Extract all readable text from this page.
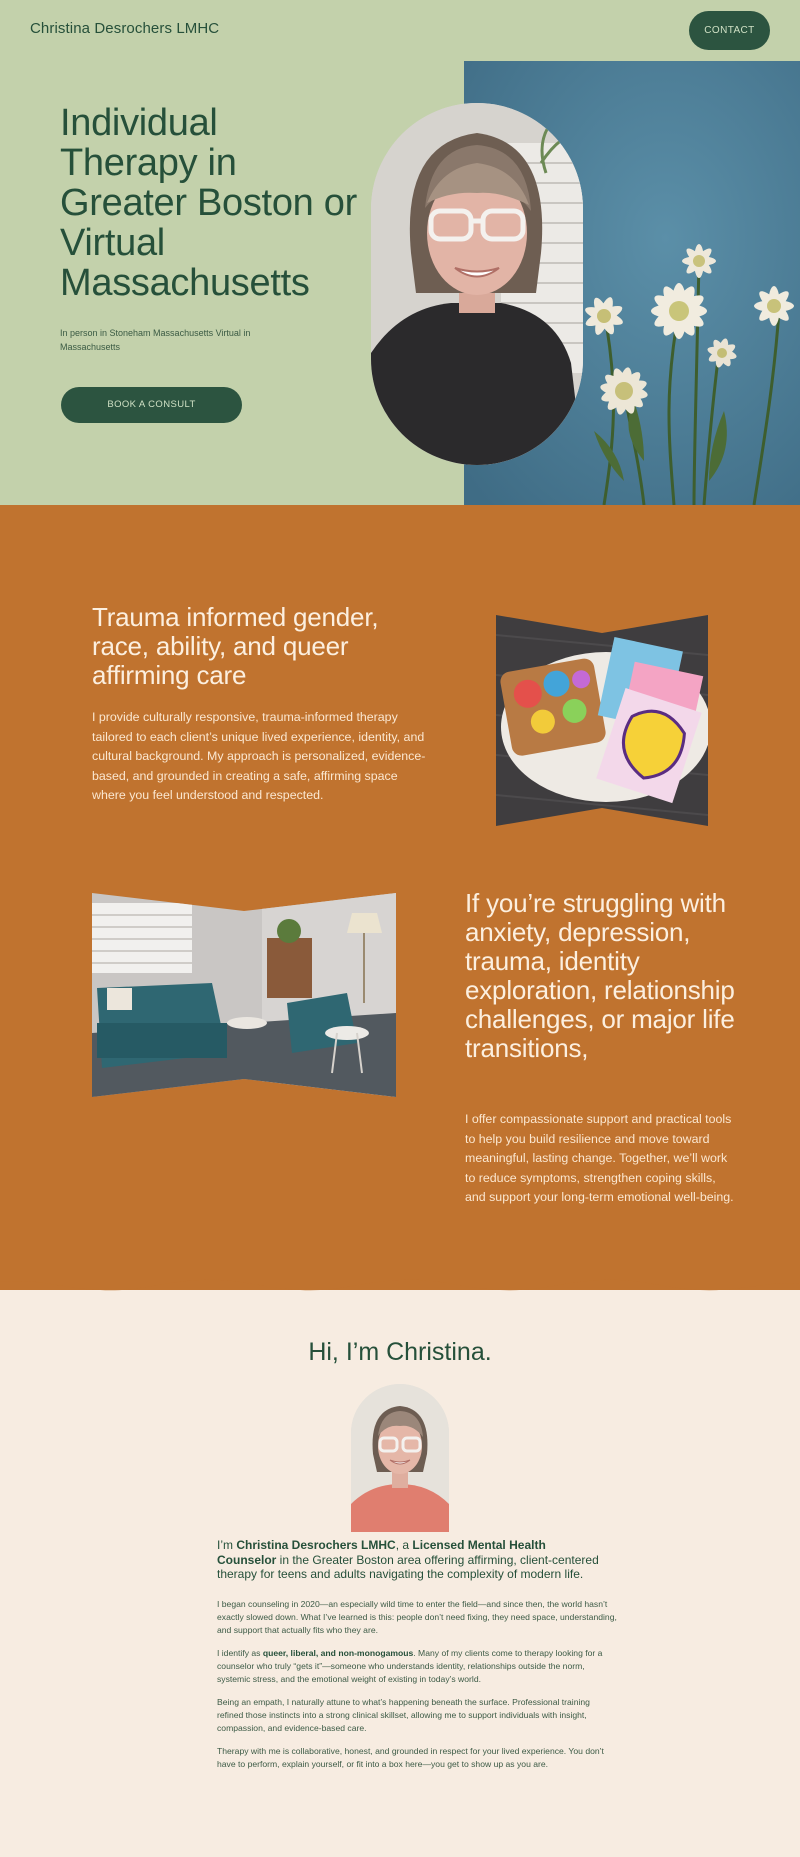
Christina Desrochers LMHC	CONTACT
Individual Therapy in Greater Boston or Virtual Massachusetts

In person in Stoneham Massachusetts Virtual in Massachusetts

BOOK A CONSULT
Trauma informed gender, race, ability, and queer affirming care

I provide culturally responsive, trauma-informed therapy tailored to each client’s unique lived experience, identity, and cultural background. My approach is personalized, evidence-based, and grounded in creating a safe, affirming space where you feel understood and respected.

If you’re struggling with anxiety, depression, trauma, identity exploration, relationship challenges, or major life transitions,

I offer compassionate support and practical tools to help you build resilience and move toward meaningful, lasting change. Together, we’ll work to reduce symptoms, strengthen coping skills, and support your long-term emotional well-being.

Hi, I’m Christina.

I’m Christina Desrochers LMHC, a Licensed Mental Health Counselor in the Greater Boston area offering affirming, client-centered therapy for teens and adults navigating the complexity of modern life.

I began counseling in 2020—an especially wild time to enter the field—and since then, the world hasn’t exactly slowed down. What I’ve learned is this: people don’t need fixing, they need space, understanding, and support that actually fits who they are.

I identify as queer, liberal, and non-monogamous. Many of my clients come to therapy looking for a counselor who truly “gets it”—someone who understands identity, relationships outside the norm, systemic stress, and the emotional weight of existing in today’s world.

Being an empath, I naturally attune to what’s happening beneath the surface. Professional training refined those instincts into a strong clinical skillset, allowing me to support individuals with insight, compassion, and evidence-based care.

Therapy with me is collaborative, honest, and grounded in respect for your lived experience. You don’t have to perform, explain yourself, or fit into a box here—you get to show up as you are.
